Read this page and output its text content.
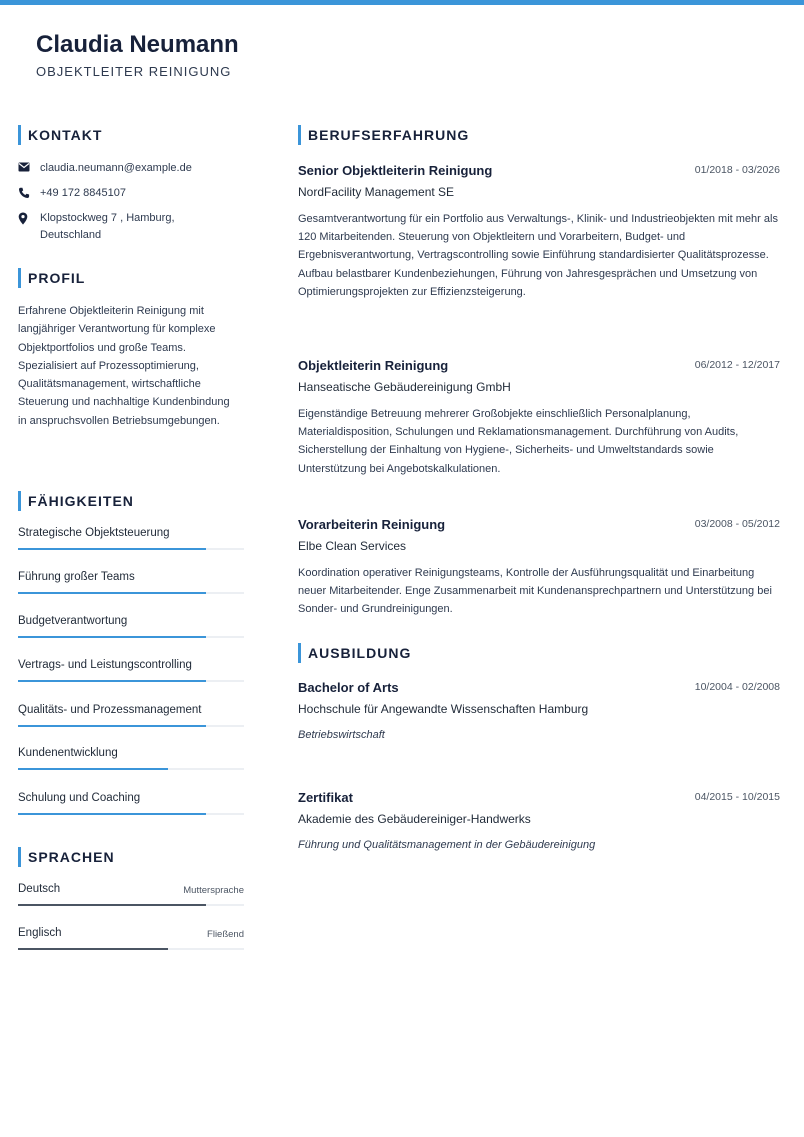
Claudia Neumann
OBJEKTLEITER REINIGUNG
KONTAKT
claudia.neumann@example.de
+49 172 8845107
Klopstockweg 7 , Hamburg, Deutschland
PROFIL
Erfahrene Objektleiterin Reinigung mit langjähriger Verantwortung für komplexe Objektportfolios und große Teams. Spezialisiert auf Prozessoptimierung, Qualitätsmanagement, wirtschaftliche Steuerung und nachhaltige Kundenbindung in anspruchsvollen Betriebsumgebungen.
FÄHIGKEITEN
Strategische Objektsteuerung
Führung großer Teams
Budgetverantwortung
Vertrags- und Leistungscontrolling
Qualitäts- und Prozessmanagement
Kundenentwicklung
Schulung und Coaching
SPRACHEN
Deutsch	Muttersprache
Englisch	Fließend
BERUFSERFAHRUNG
Senior Objektleiterin Reinigung	01/2018 - 03/2026
NordFacility Management SE
Gesamtverantwortung für ein Portfolio aus Verwaltungs-, Klinik- und Industrieobjekten mit mehr als 120 Mitarbeitenden. Steuerung von Objektleitern und Vorarbeitern, Budget- und Ergebnisverantwortung, Vertragscontrolling sowie Einführung standardisierter Qualitätsprozesse. Aufbau belastbarer Kundenbeziehungen, Führung von Jahresgesprächen und Umsetzung von Optimierungsprojekten zur Effizienzsteigerung.
Objektleiterin Reinigung	06/2012 - 12/2017
Hanseatische Gebäudereinigung GmbH
Eigenständige Betreuung mehrerer Großobjekte einschließlich Personalplanung, Materialdisposition, Schulungen und Reklamationsmanagement. Durchführung von Audits, Sicherstellung der Einhaltung von Hygiene-, Sicherheits- und Umweltstandards sowie Unterstützung bei Angebotskalkulationen.
Vorarbeiterin Reinigung	03/2008 - 05/2012
Elbe Clean Services
Koordination operativer Reinigungsteams, Kontrolle der Ausführungsqualität und Einarbeitung neuer Mitarbeitender. Enge Zusammenarbeit mit Kundenansprechpartnern und Unterstützung bei Sonder- und Grundreinigungen.
AUSBILDUNG
Bachelor of Arts	10/2004 - 02/2008
Hochschule für Angewandte Wissenschaften Hamburg
Betriebswirtschaft
Zertifikat	04/2015 - 10/2015
Akademie des Gebäudereiniger-Handwerks
Führung und Qualitätsmanagement in der Gebäudereinigung
